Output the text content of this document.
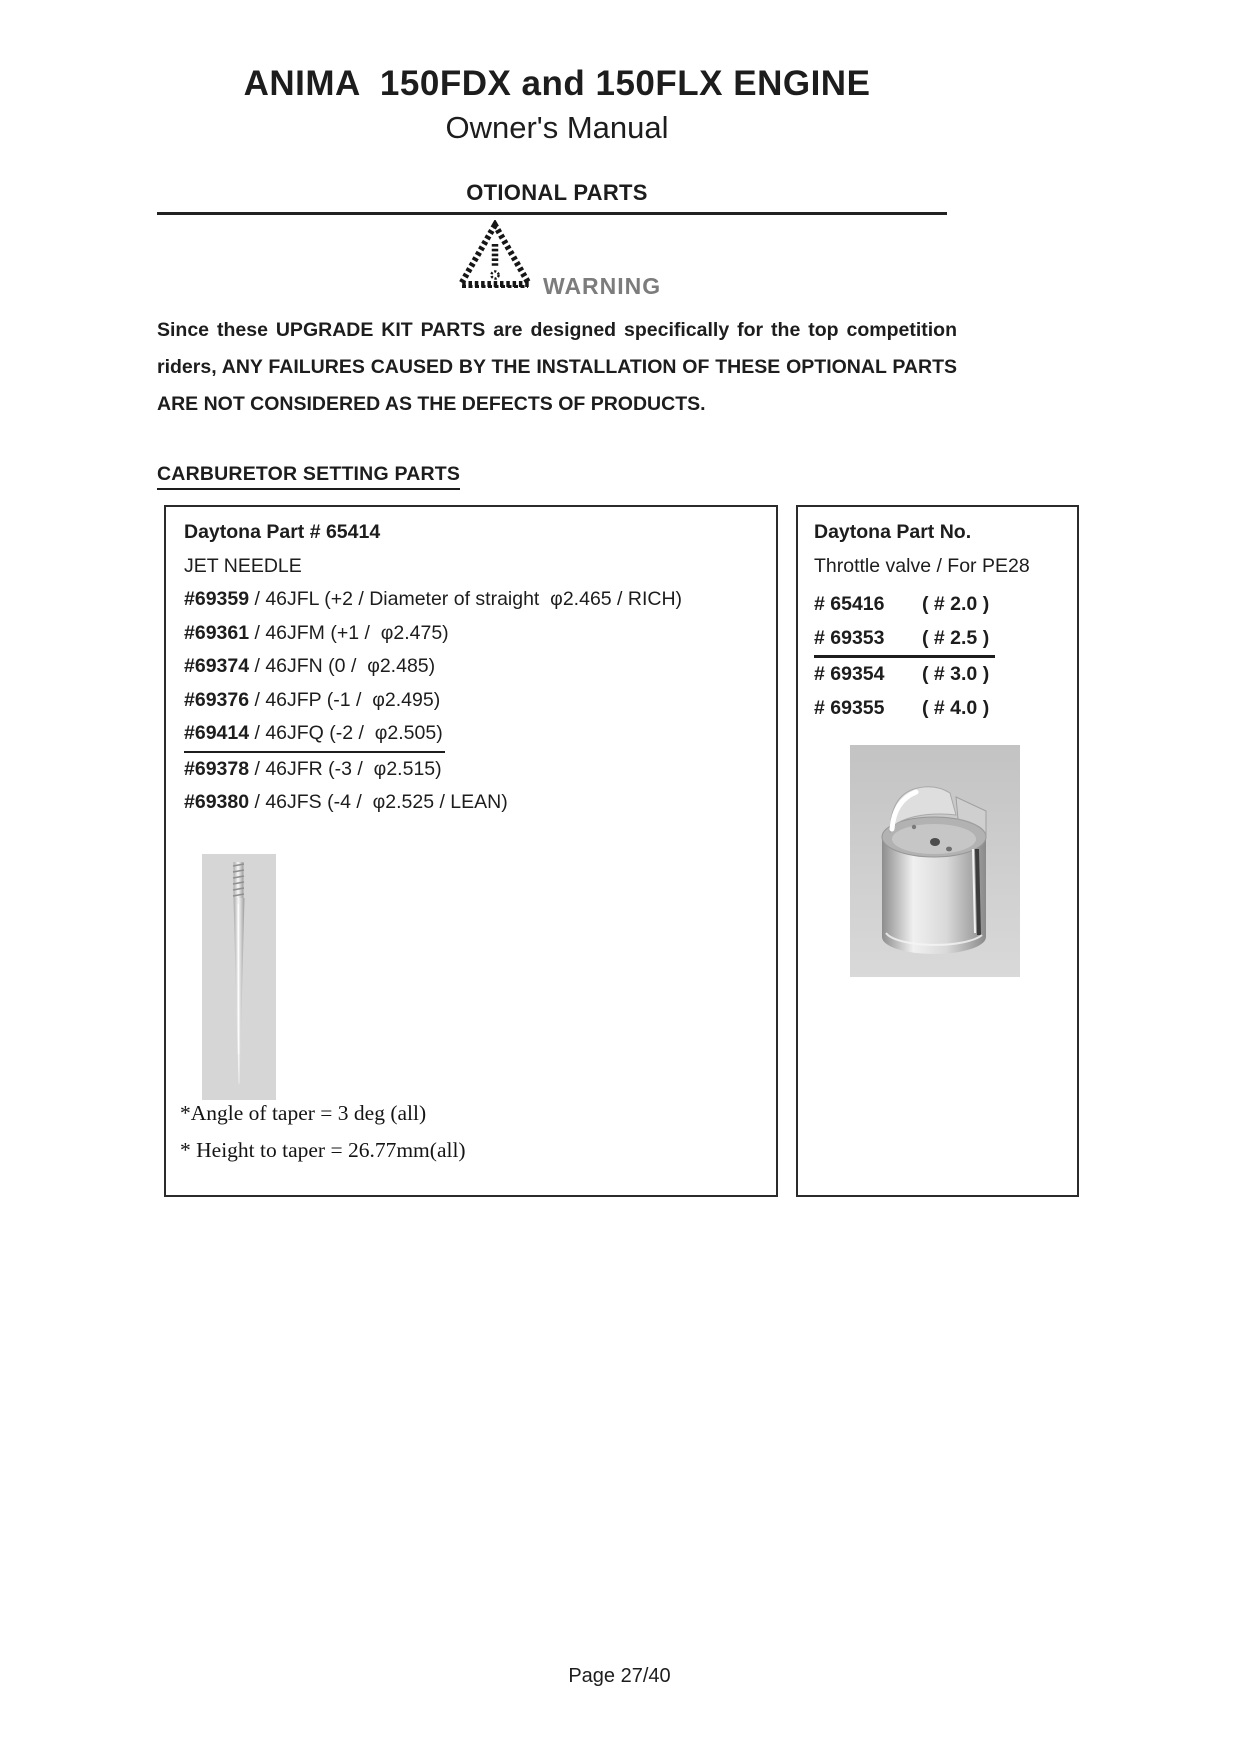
ANIMA  150FDX and 150FLX ENGINE
Owner's Manual
OTIONAL PARTS
WARNING
Since these UPGRADE KIT PARTS are designed specifically for the top competition riders, ANY FAILURES CAUSED BY THE INSTALLATION OF THESE OPTIONAL PARTS ARE NOT CONSIDERED AS THE DEFECTS OF PRODUCTS.
CARBURETOR SETTING PARTS
Daytona Part # 65414
JET NEEDLE
#69359 / 46JFL (+2 / Diameter of straight  φ2.465 / RICH)
#69361 / 46JFM (+1 /  φ2.475)
#69374 / 46JFN (0 /  φ2.485)
#69376 / 46JFP (-1 /  φ2.495)
#69414 / 46JFQ (-2 /  φ2.505)
#69378 / 46JFR (-3 /  φ2.515)
#69380 / 46JFS (-4 /  φ2.525 / LEAN)
*Angle of taper = 3 deg (all)
* Height to taper = 26.77mm(all)
Daytona Part No.
Throttle valve / For PE28
# 65416 ( # 2.0 )
# 69353 ( # 2.5 )
# 69354 ( # 3.0 )
# 69355 ( # 4.0 )
Page 27/40
